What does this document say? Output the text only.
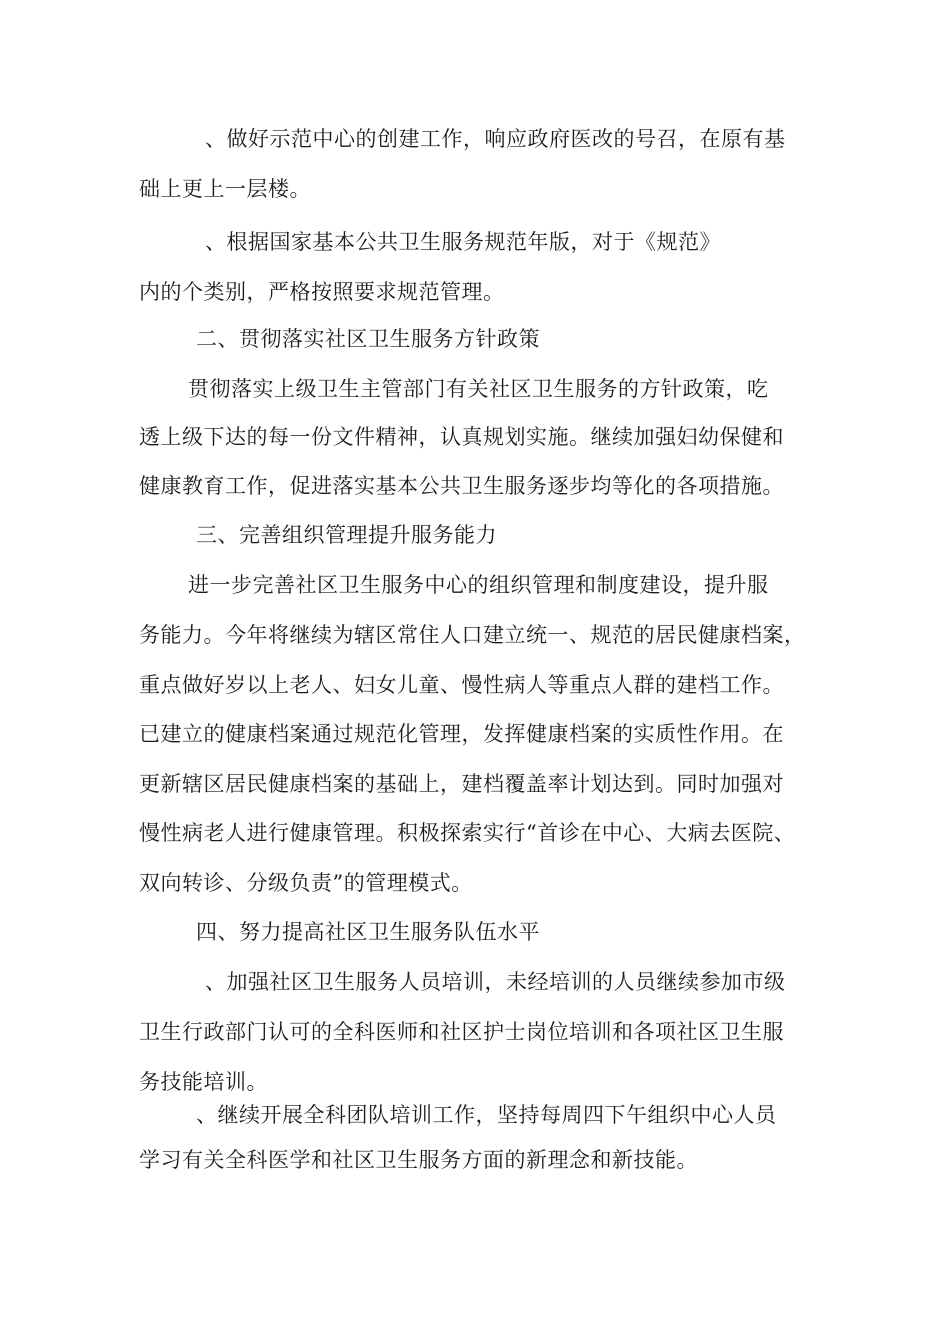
、做好示范中心的创建工作，响应政府医改的号召，在原有基
础上更上一层楼。
、根据国家基本公共卫生服务规范年版，对于《规范》
内的个类别，严格按照要求规范管理。
二、贯彻落实社区卫生服务方针政策
贯彻落实上级卫生主管部门有关社区卫生服务的方针政策，吃
透上级下达的每一份文件精神，认真规划实施。继续加强妇幼保健和
健康教育工作，促进落实基本公共卫生服务逐步均等化的各项措施。
三、完善组织管理提升服务能力
进一步完善社区卫生服务中心的组织管理和制度建设，提升服
务能力。今年将继续为辖区常住人口建立统一、规范的居民健康档案，
重点做好岁以上老人、妇女儿童、慢性病人等重点人群的建档工作。
已建立的健康档案通过规范化管理，发挥健康档案的实质性作用。在
更新辖区居民健康档案的基础上，建档覆盖率计划达到。同时加强对
慢性病老人进行健康管理。积极探索实行“首诊在中心、大病去医院、
双向转诊、分级负责”的管理模式。
四、努力提高社区卫生服务队伍水平
、加强社区卫生服务人员培训，未经培训的人员继续参加市级
卫生行政部门认可的全科医师和社区护士岗位培训和各项社区卫生服
务技能培训。
、继续开展全科团队培训工作，坚持每周四下午组织中心人员
学习有关全科医学和社区卫生服务方面的新理念和新技能。
